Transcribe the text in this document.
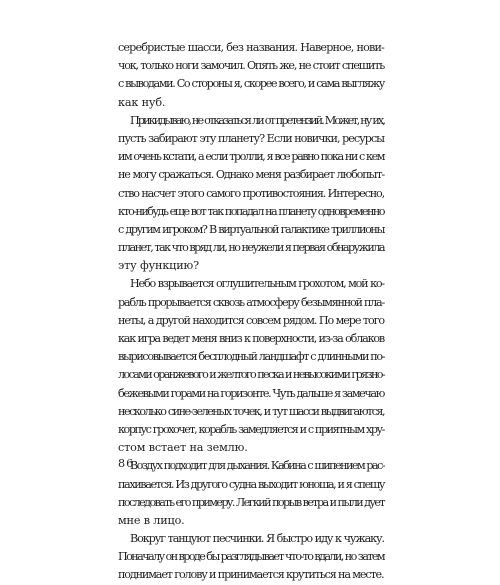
серебристые шасси, без названия. Наверное, нови-
чок, только ноги замочил. Опять же, не стоит спешить
с выводами. Со стороны я, скорее всего, и сама выгляжу
как нуб.
Прикидываю, не отказаться ли от претензий. Может, ну их,
пусть забирают эту планету? Если новички, ресурсы
им очень кстати, а если тролли, я все равно пока ни с кем
не могу сражаться. Однако меня разбирает любопыт-
ство насчет этого самого противостояния. Интересно,
кто-нибудь еще вот так попадал на планету одновременно
с другим игроком? В виртуальной галактике триллионы
планет, так что вряд ли, но неужели я первая обнаружила
эту функцию?
Небо взрывается оглушительным грохотом, мой ко-
рабль прорывается сквозь атмосферу безымянной пла-
неты, а другой находится совсем рядом. По мере того
как игра ведет меня вниз к поверхности, из-за облаков
вырисовывается бесплодный ландшафт с длинными по-
лосами оранжевого и желтого песка и невысокими грязно-
бежевыми горами на горизонте. Чуть дальше я замечаю
несколько сине-зеленых точек, и тут шасси выдвигаются,
корпус грохочет, корабль замедляется и с приятным хру-
стом встает на землю.
Воздух подходит для дыхания. Кабина с шипением рас-
пахивается. Из другого судна выходит юноша, и я спешу
последовать его примеру. Легкий порыв ветра и пыли дует
мне в лицо.
Вокруг танцуют песчинки. Я быстро иду к чужаку.
Поначалу он вроде бы разглядывает что-то вдали, но затем
поднимает голову и принимается крутиться на месте.
86
